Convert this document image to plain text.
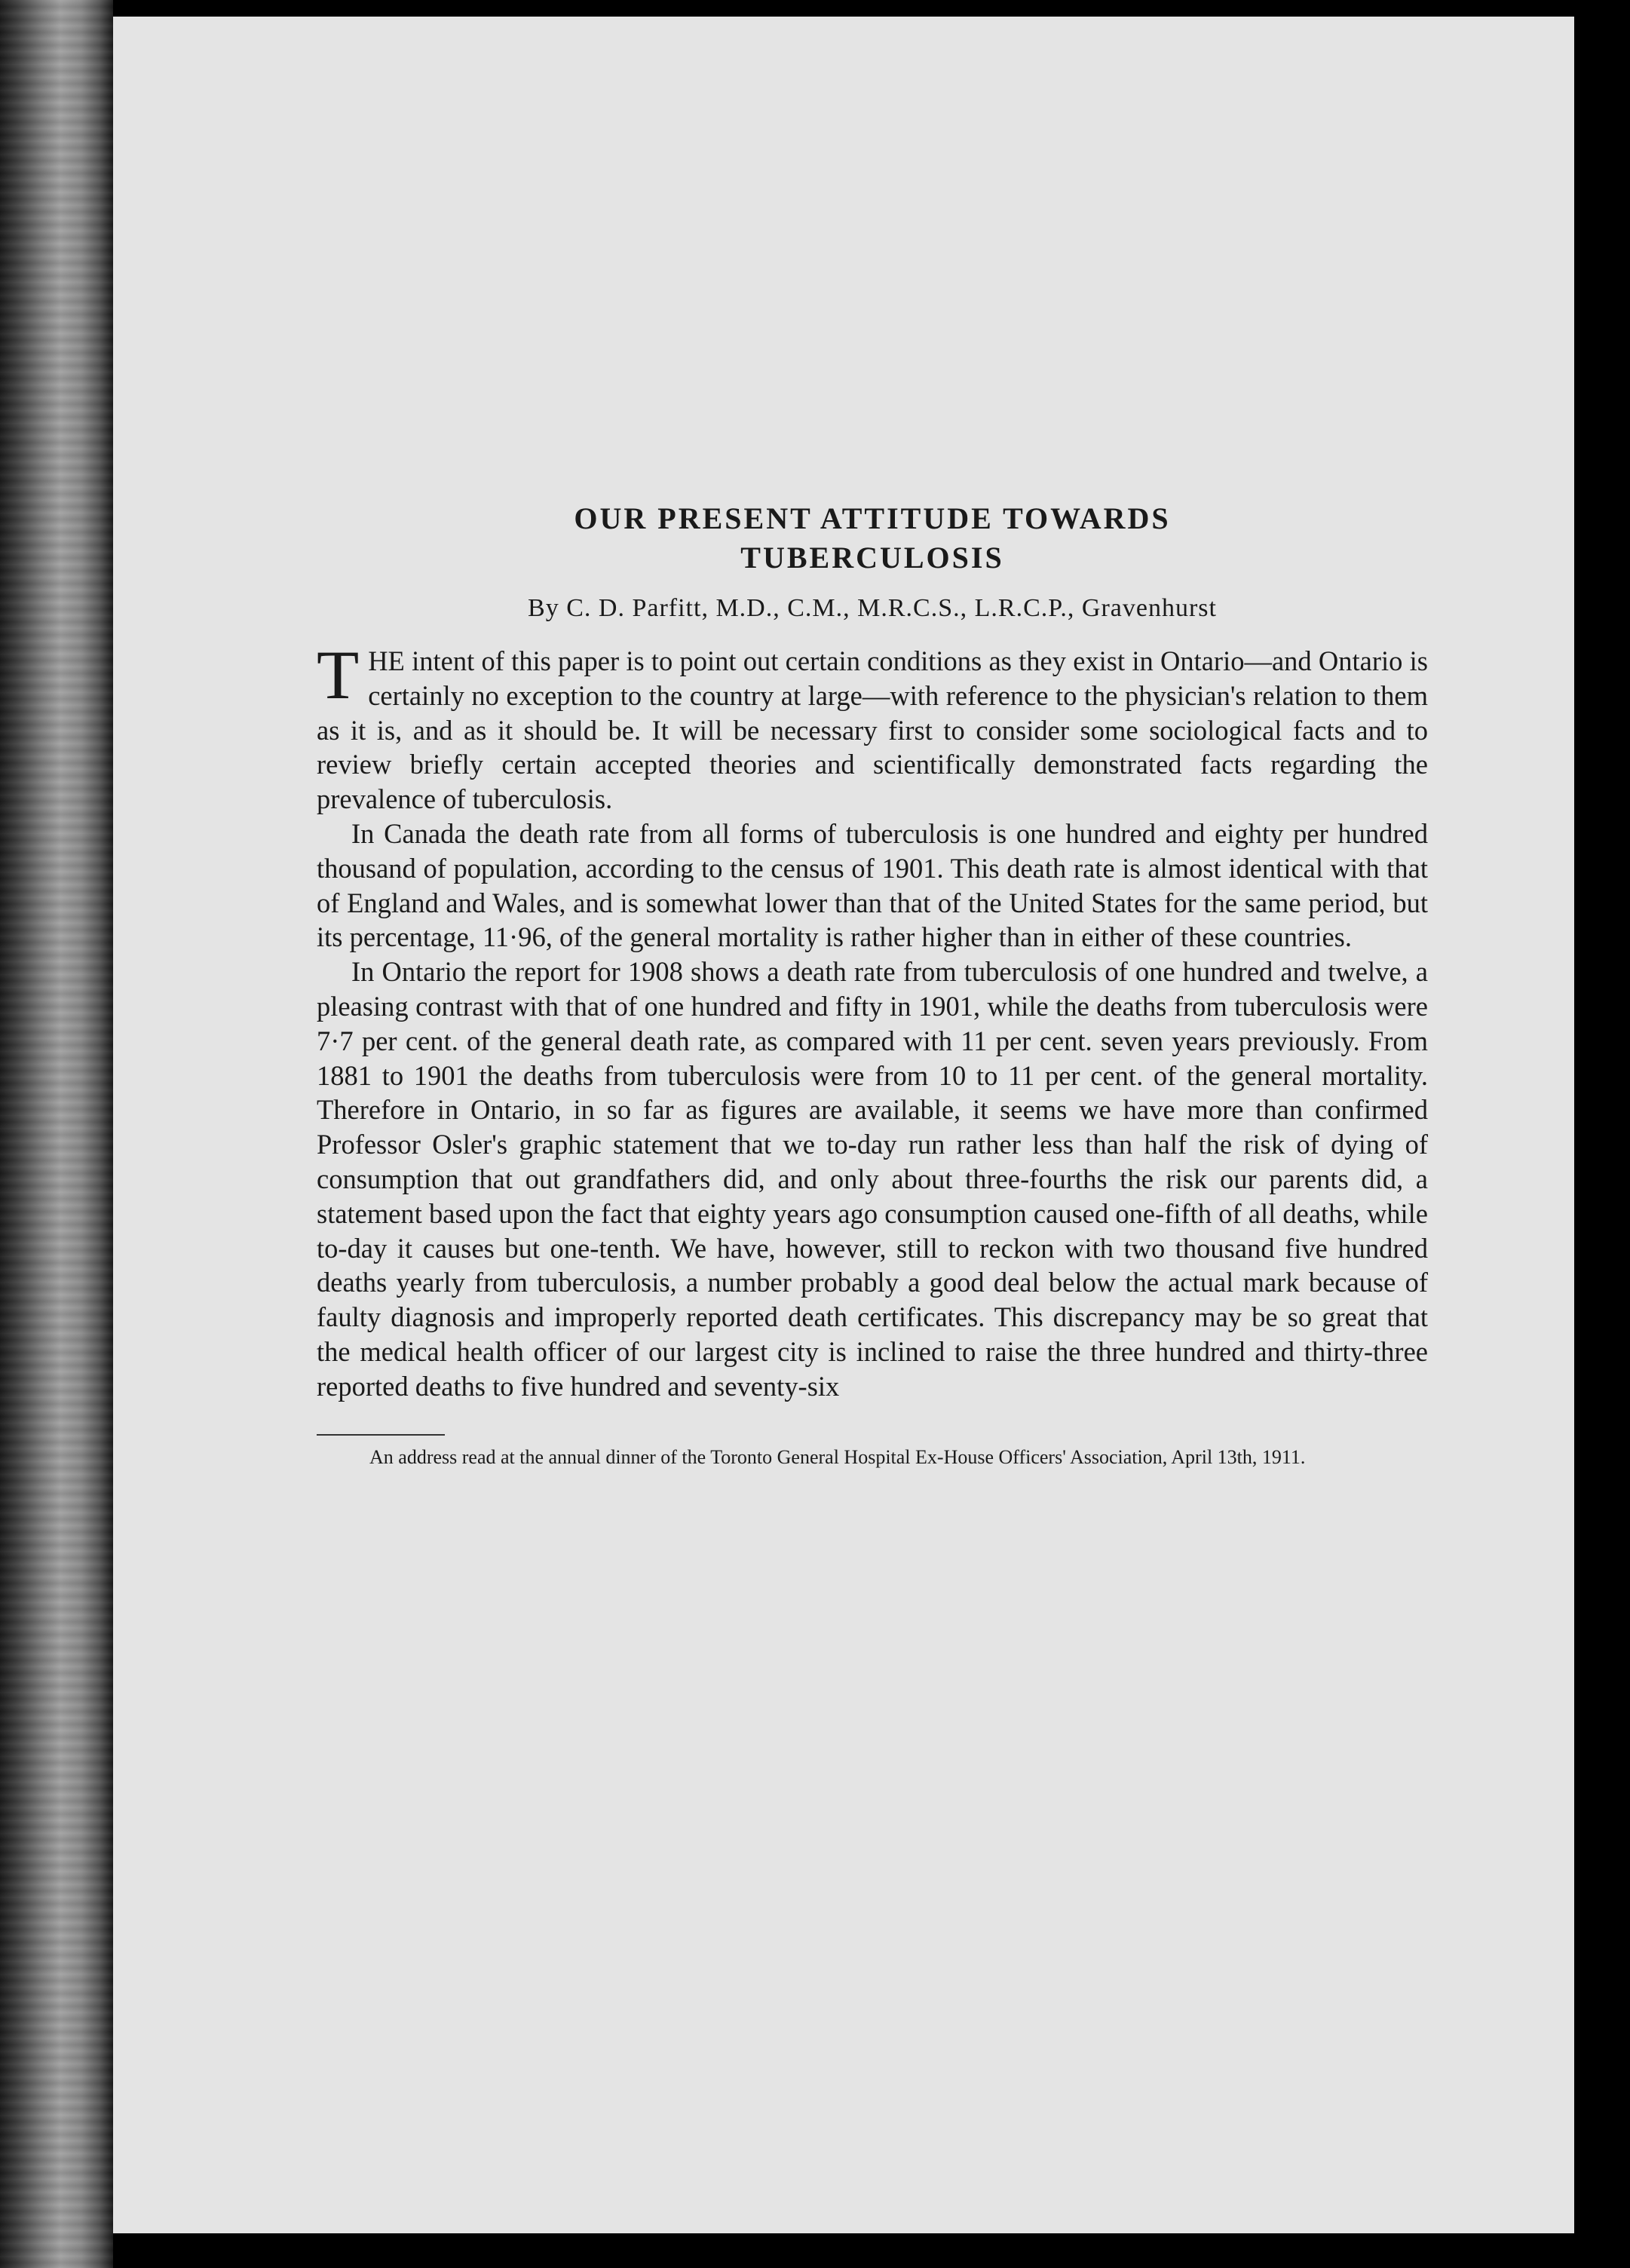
OUR PRESENT ATTITUDE TOWARDS
TUBERCULOSIS
By C. D. Parfitt, M.D., C.M., M.R.C.S., L.R.C.P., Gravenhurst

THE intent of this paper is to point out certain conditions as they exist in Ontario—and Ontario is certainly no exception to the country at large—with reference to the physician's relation to them as it is, and as it should be. It will be necessary first to consider some sociological facts and to review briefly certain accepted theories and scientifically demonstrated facts regarding the prevalence of tuberculosis.

In Canada the death rate from all forms of tuberculosis is one hundred and eighty per hundred thousand of population, according to the census of 1901. This death rate is almost identical with that of England and Wales, and is somewhat lower than that of the United States for the same period, but its percentage, 11·96, of the general mortality is rather higher than in either of these countries.

In Ontario the report for 1908 shows a death rate from tuberculosis of one hundred and twelve, a pleasing contrast with that of one hundred and fifty in 1901, while the deaths from tuberculosis were 7·7 per cent. of the general death rate, as compared with 11 per cent. seven years previously. From 1881 to 1901 the deaths from tuberculosis were from 10 to 11 per cent. of the general mortality. Therefore in Ontario, in so far as figures are available, it seems we have more than confirmed Professor Osler's graphic statement that we to-day run rather less than half the risk of dying of consumption that out grandfathers did, and only about three-fourths the risk our parents did, a statement based upon the fact that eighty years ago consumption caused one-fifth of all deaths, while to-day it causes but one-tenth. We have, however, still to reckon with two thousand five hundred deaths yearly from tuberculosis, a number probably a good deal below the actual mark because of faulty diagnosis and improperly reported death certificates. This discrepancy may be so great that the medical health officer of our largest city is inclined to raise the three hundred and thirty-three reported deaths to five hundred and seventy-six

An address read at the annual dinner of the Toronto General Hospital Ex-House Officers' Association, April 13th, 1911.
